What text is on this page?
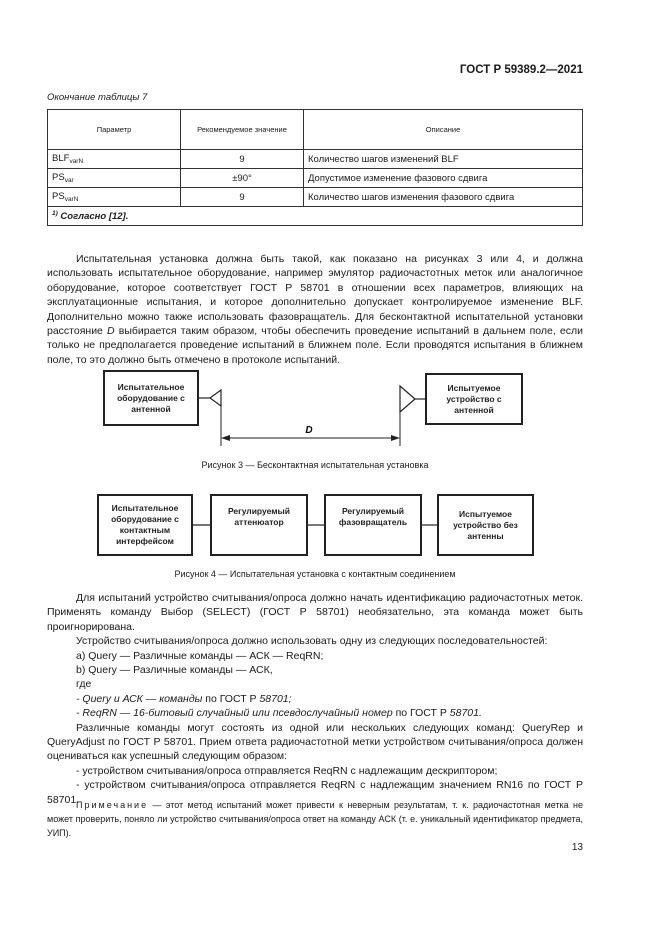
ГОСТ Р 59389.2—2021
Окончание таблицы 7
Параметр	Рекомендуемое значение	Описание
$BLF_{varN}$	9	Количество шагов изменений BLF
$PS_{var}$	±90°	Допустимое изменение фазового сдвига
$PS_{varN}$	9	Количество шагов изменения фазового сдвига
$^{1)}$ Согласно [12].		

Испытательная установка должна быть такой, как показано на рисунках 3 или 4, и должна использовать испытательное оборудование, например эмулятор радиочастотных меток или аналогичное оборудование, которое соответствует ГОСТ Р 58701 в отношении всех параметров, влияющих на эксплуатационные испытания, и которое дополнительно допускает контролируемое изменение BLF. Дополнительно можно также использовать фазовращатель. Для бесконтактной испытательной установки расстояние D выбирается таким образом, чтобы обеспечить проведение испытаний в дальнем поле, если только не предполагается проведение испытаний в ближнем поле. Если проводятся испытания в ближнем поле, то это должно быть отмечено в протоколе испытаний.

Испытательное оборудование с антенной
Испытуемое устройство с антенной
D
Рисунок 3 — Бесконтактная испытательная установка
Испытательное оборудование с контактным интерфейсом
Регулируемый аттенюатор
Регулируемый фазовращатель
Испытуемое устройство без антенны
Рисунок 4 — Испытательная установка с контактным соединением

Для испытаний устройство считывания/опроса должно начать идентификацию радиочастотных меток. Применять команду Выбор (SELECT) (ГОСТ Р 58701) необязательно, эта команда может быть проигнорирована.

Устройство считывания/опроса должно использовать одну из следующих последовательностей:

a) Query — Различные команды — АСК — ReqRN;

b) Query — Различные команды — АСК,

где

- Query и АСК — команды по ГОСТ Р 58701;

- ReqRN — 16-битовый случайный или псевдослучайный номер по ГОСТ Р 58701.

Различные команды могут состоять из одной или нескольких следующих команд: QueryRep и QueryAdjust по ГОСТ Р 58701. Прием ответа радиочастотной метки устройством считывания/опроса должен оцениваться как успешный следующим образом:

- устройством считывания/опроса отправляется ReqRN с надлежащим дескриптором;

- устройством считывания/опроса отправляется ReqRN с надлежащим значением RN16 по ГОСТ Р 58701.

Примечание — этот метод испытаний может привести к неверным результатам, т. к. радиочастотная метка не может проверить, поняло ли устройство считывания/опроса ответ на команду АСК (т. е. уникальный идентификатор предмета, УИП).
13
